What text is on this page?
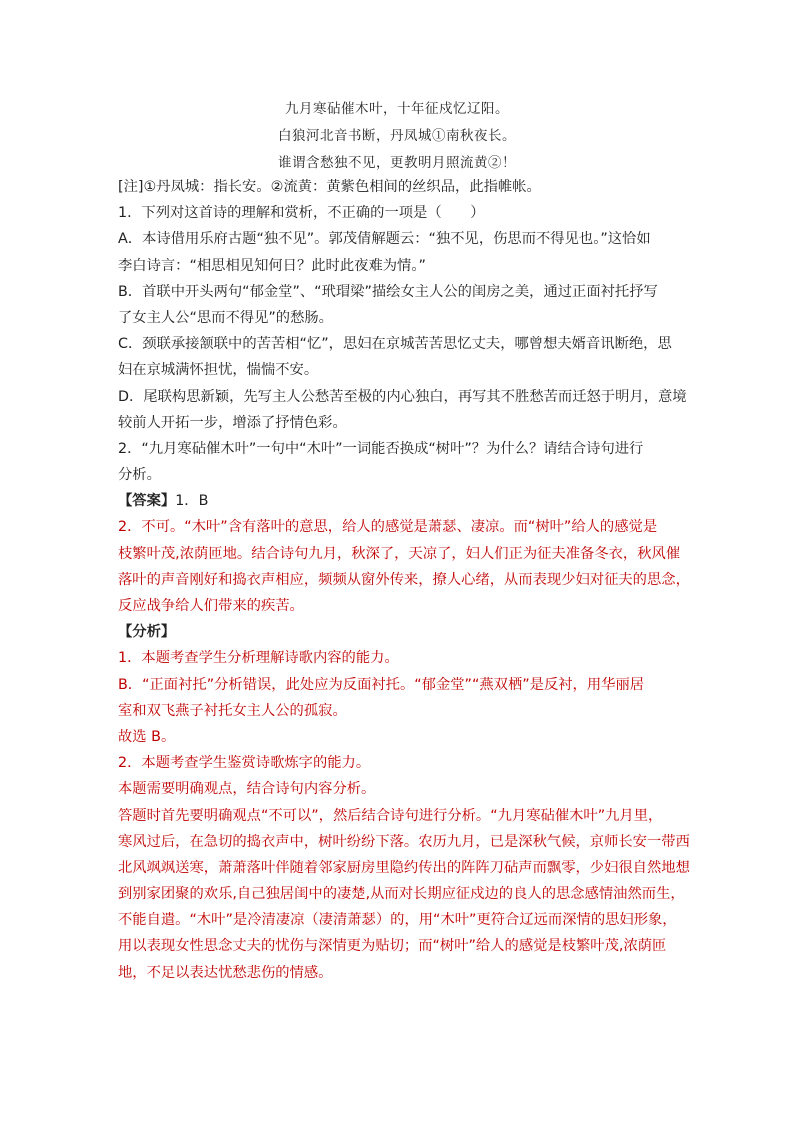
九月寒砧催木叶，十年征戍忆辽阳。
白狼河北音书断，丹凤城①南秋夜长。
谁谓含愁独不见，更教明月照流黄②！
[注]①丹凤城：指长安。②流黄：黄紫色相间的丝织品，此指帷帐。
1．下列对这首诗的理解和赏析，不正确的一项是（　　）
A．本诗借用乐府古题“独不见”。郭茂倩解题云：“独不见，伤思而不得见也。”这恰如
李白诗言：“相思相见知何日？此时此夜难为情。”
B．首联中开头两句“郁金堂”、“玳瑁梁”描绘女主人公的闺房之美，通过正面衬托抒写
了女主人公“思而不得见”的愁肠。
C．颈联承接颔联中的苦苦相“忆”，思妇在京城苦苦思忆丈夫，哪曾想夫婿音讯断绝，思
妇在京城满怀担忧，惴惴不安。
D．尾联构思新颖，先写主人公愁苦至极的内心独白，再写其不胜愁苦而迁怒于明月，意境
较前人开拓一步，增添了抒情色彩。
2．“九月寒砧催木叶”一句中“木叶”一词能否换成“树叶”？为什么？请结合诗句进行
分析。
【答案】1．B
2．不可。“木叶”含有落叶的意思，给人的感觉是萧瑟、凄凉。而“树叶”给人的感觉是
枝繁叶茂,浓荫匝地。结合诗句九月，秋深了，天凉了，妇人们正为征夫准备冬衣，秋风催
落叶的声音刚好和捣衣声相应，频频从窗外传来，撩人心绪，从而表现少妇对征夫的思念，
反应战争给人们带来的疾苦。
【分析】
1．本题考查学生分析理解诗歌内容的能力。
B．“正面衬托”分析错误，此处应为反面衬托。“郁金堂”“燕双栖”是反衬，用华丽居
室和双飞燕子衬托女主人公的孤寂。
故选 B。
2．本题考查学生鉴赏诗歌炼字的能力。
本题需要明确观点，结合诗句内容分析。
答题时首先要明确观点“不可以”，然后结合诗句进行分析。“九月寒砧催木叶”九月里，
寒风过后，在急切的捣衣声中，树叶纷纷下落。农历九月，已是深秋气候，京师长安一带西
北风飒飒送寒，萧萧落叶伴随着邻家厨房里隐约传出的阵阵刀砧声而飘零，少妇很自然地想
到别家团聚的欢乐,自己独居闺中的凄楚,从而对长期应征戍边的良人的思念感情油然而生，
不能自遣。“木叶”是冷清凄凉（凄清萧瑟）的，用“木叶”更符合辽远而深情的思妇形象，
用以表现女性思念丈夫的忧伤与深情更为贴切；而“树叶”给人的感觉是枝繁叶茂,浓荫匝
地，不足以表达忧愁悲伤的情感。
